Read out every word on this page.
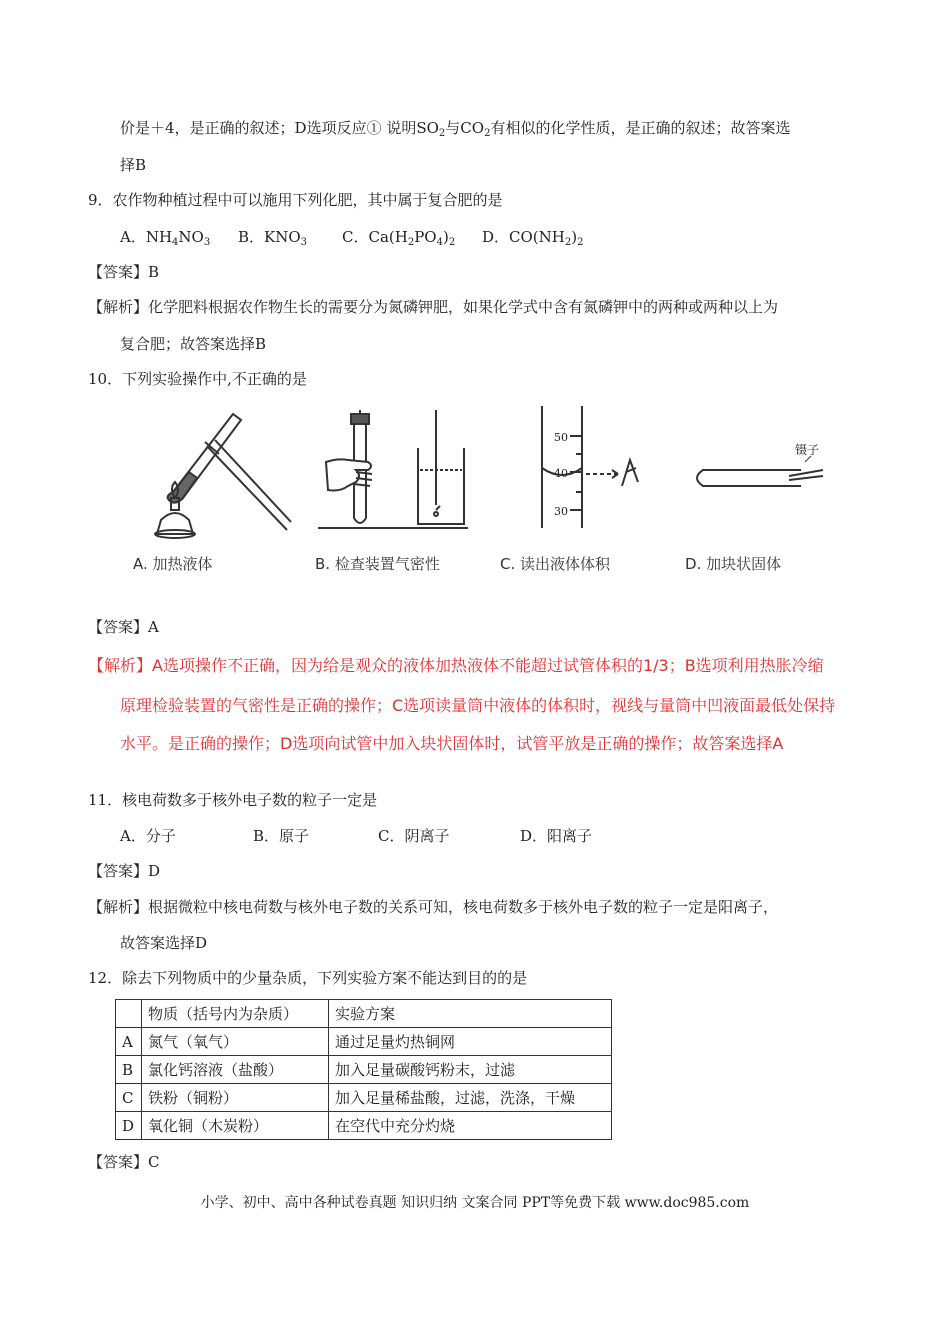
价是＋4，是正确的叙述；D选项反应① 说明$SO_2$与$CO_2$有相似的化学性质，是正确的叙述；故答案选
择B
9．农作物种植过程中可以施用下列化肥，其中属于复合肥的是
A．$NH_4NO_3$ B．$KNO_3$ C．$Ca(H_2PO_4)_2$ D．$CO(NH_2)_2$
【答案】B
【解析】化学肥料根据农作物生长的需要分为氮磷钾肥，如果化学式中含有氮磷钾中的两种或两种以上为
复合肥；故答案选择B
10．下列实验操作中,不正确的是
A. 加热液体	B. 检查装置气密性
50
40
30
C. 读出液体体积
镊子
D. 加块状固体
【答案】A
【解析】A选项操作不正确，因为给是观众的液体加热液体不能超过试管体积的1/3；B选项利用热胀冷缩
原理检验装置的气密性是正确的操作；C选项读量筒中液体的体积时，视线与量筒中凹液面最低处保持
水平。是正确的操作；D选项向试管中加入块状固体时，试管平放是正确的操作；故答案选择A
11．核电荷数多于核外电子数的粒子一定是
A．分子	B．原子	C．阴离子	D．阳离子
【答案】D
【解析】根据微粒中核电荷数与核外电子数的关系可知，核电荷数多于核外电子数的粒子一定是阳离子，
故答案选择D
12．除去下列物质中的少量杂质，下列实验方案不能达到目的的是
	物质（括号内为杂质）	实验方案
A	氮气（氧气）	通过足量灼热铜网
B	氯化钙溶液（盐酸）	加入足量碳酸钙粉末，过滤
C	铁粉（铜粉）	加入足量稀盐酸，过滤，洗涤，干燥
D	氧化铜（木炭粉）	在空代中充分灼烧
【答案】C
小学、初中、高中各种试卷真题 知识归纳 文案合同 PPT等免费下载 www.doc985.com
